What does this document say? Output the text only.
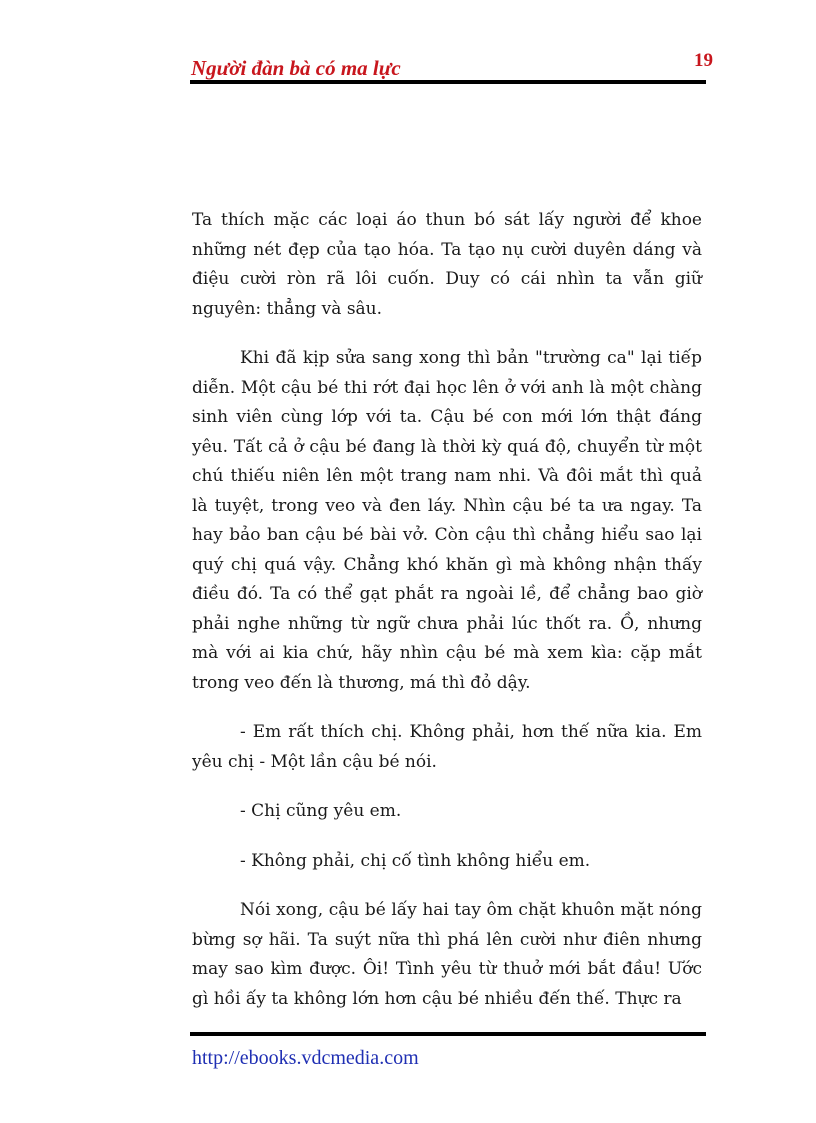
Người đàn bà có ma lực	19

Ta thích mặc các loại áo thun bó sát lấy người để khoe những nét đẹp của tạo hóa. Ta tạo nụ cười duyên dáng và điệu cười ròn rã lôi cuốn. Duy có cái nhìn ta vẫn giữ nguyên: thẳng và sâu.

Khi đã kịp sửa sang xong thì bản "trường ca" lại tiếp diễn. Một cậu bé thi rớt đại học lên ở với anh là một chàng sinh viên cùng lớp với ta. Cậu bé con mới lớn thật đáng yêu. Tất cả ở cậu bé đang là thời kỳ quá độ, chuyển từ một chú thiếu niên lên một trang nam nhi. Và đôi mắt thì quả là tuyệt, trong veo và đen láy. Nhìn cậu bé ta ưa ngay. Ta hay bảo ban cậu bé bài vở. Còn cậu thì chẳng hiểu sao lại quý chị quá vậy. Chẳng khó khăn gì mà không nhận thấy điều đó. Ta có thể gạt phắt ra ngoài lề, để chẳng bao giờ phải nghe những từ ngữ chưa phải lúc thốt ra. Ồ, nhưng mà với ai kia chứ, hãy nhìn cậu bé mà xem kìa: cặp mắt trong veo đến là thương, má thì đỏ dậy.

- Em rất thích chị. Không phải, hơn thế nữa kia. Em yêu chị - Một lần cậu bé nói.

- Chị cũng yêu em.

- Không phải, chị cố tình không hiểu em.

Nói xong, cậu bé lấy hai tay ôm chặt khuôn mặt nóng bừng sợ hãi. Ta suýt nữa thì phá lên cười như điên nhưng may sao kìm được. Ôi! Tình yêu từ thuở mới bắt đầu! Ước gì hồi ấy ta không lớn hơn cậu bé nhiều đến thế. Thực ra

http://ebooks.vdcmedia.com
